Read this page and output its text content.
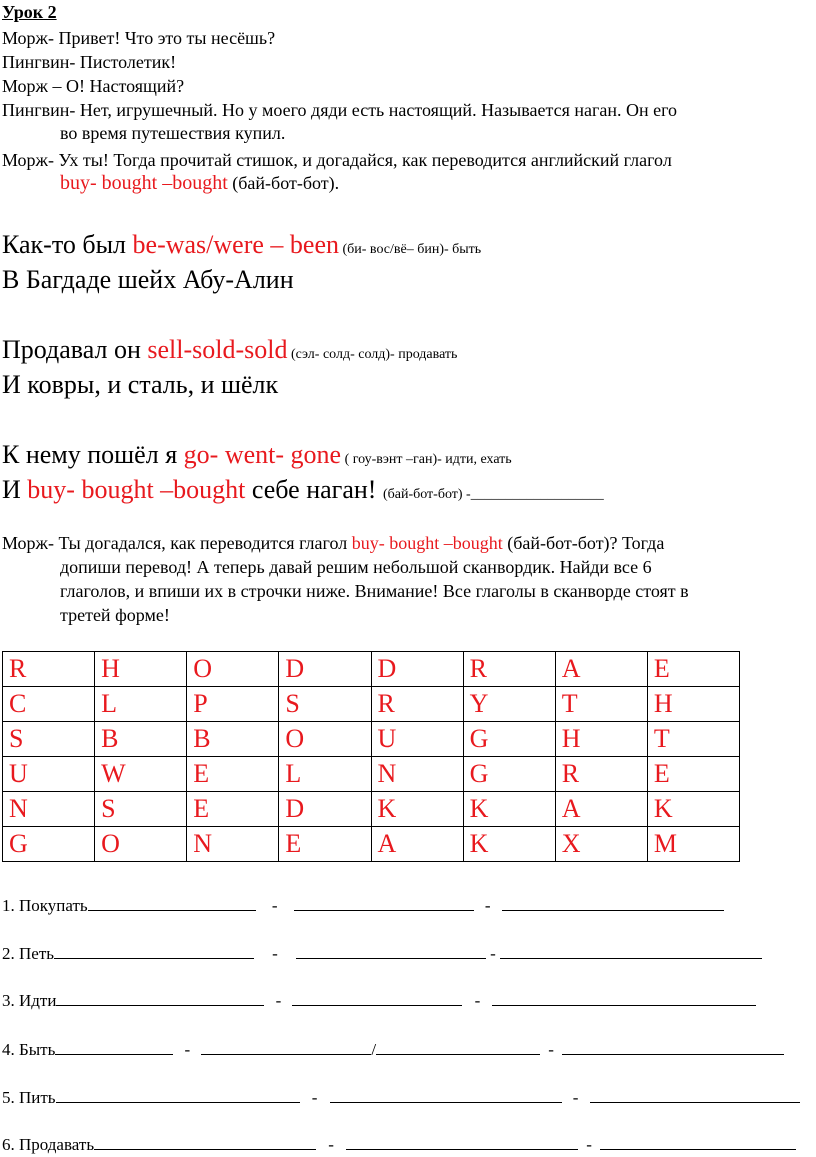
Урок 2
Морж- Привет! Что это ты несёшь?
Пингвин- Пистолетик!
Морж – О! Настоящий?
Пингвин- Нет, игрушечный. Но у моего дяди есть настоящий. Называется наган. Он его
во время путешествия купил.
Морж- Ух ты! Тогда прочитай стишок, и догадайся, как переводится английский глагол
buy- bought –bought (бай-бот-бот).
Как-то был be-was/were – been (би- вос/вё– бин)- быть
В Багдаде шейх Абу-Алин
Продавал он sell-sold-sold (сэл- солд- солд)- продавать
И ковры, и сталь, и шёлк
К нему пошёл я go- went- gone ( гоу-вэнт –ган)- идти, ехать
И buy- bought –bought себе наган! (бай-бот-бот) -___________________
Морж- Ты догадался, как переводится глагол buy- bought –bought (бай-бот-бот)? Тогда
допиши перевод! А теперь давай решим небольшой сканвордик. Найди все 6
глаголов, и впиши их в строчки ниже. Внимание! Все глаголы в сканворде стоят в
третей форме!
R	H	O	D	D	R	A	E
C	L	P	S	R	Y	T	H
S	B	B	O	U	G	H	T
U	W	E	L	N	G	R	E
N	S	E	D	K	K	A	K
G	O	N	E	A	K	X	M
1. Покупать	-	-
2. Петь	-	-
3. Идти	-	-
4. Быть	-	/	-
5. Пить	-	-
6. Продавать	-	-
